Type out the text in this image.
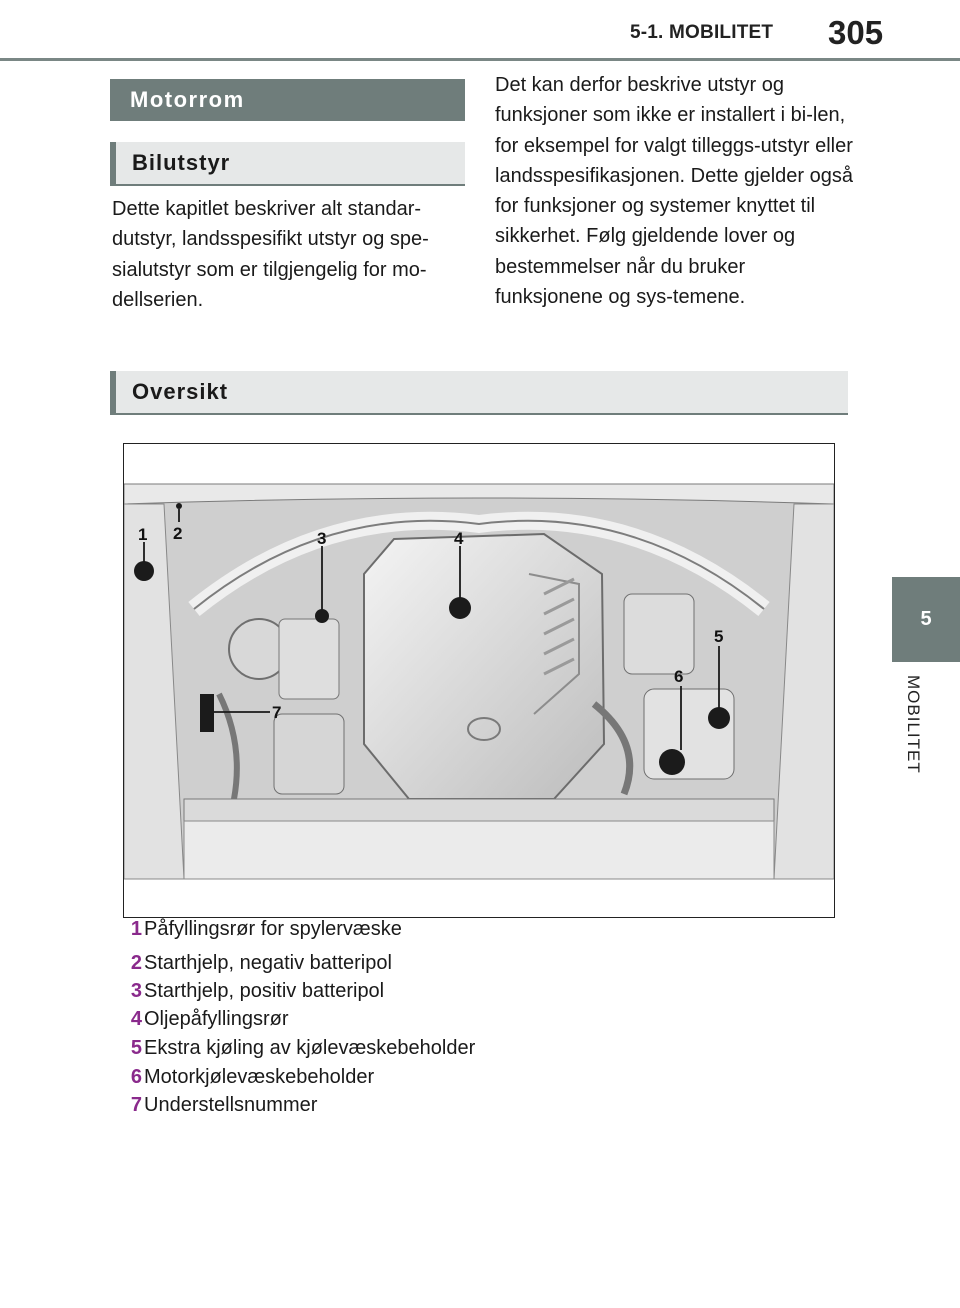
5-1. MOBILITET 305
5
MOBILITET
Motorrom
Bilutstyr
Dette kapitlet beskriver alt standar-dutstyr, landsspesifikt utstyr og spe-sialutstyr som er tilgjengelig for mo-dellserien.
Det kan derfor beskrive utstyr og funksjoner som ikke er installert i bi-len, for eksempel for valgt tilleggs-utstyr eller landsspesifikasjonen. Dette gjelder også for funksjoner og systemer knyttet til sikkerhet. Følg gjeldende lover og bestemmelser når du bruker funksjonene og sys-temene.
Oversikt
1 2	3	4
5
6
7
1 Påfyllingsrør for spylervæske
2 Starthjelp, negativ batteripol
3 Starthjelp, positiv batteripol
4 Oljepåfyllingsrør
5 Ekstra kjøling av kjølevæskebeholder
6 Motorkjølevæskebeholder
7 Understellsnummer
